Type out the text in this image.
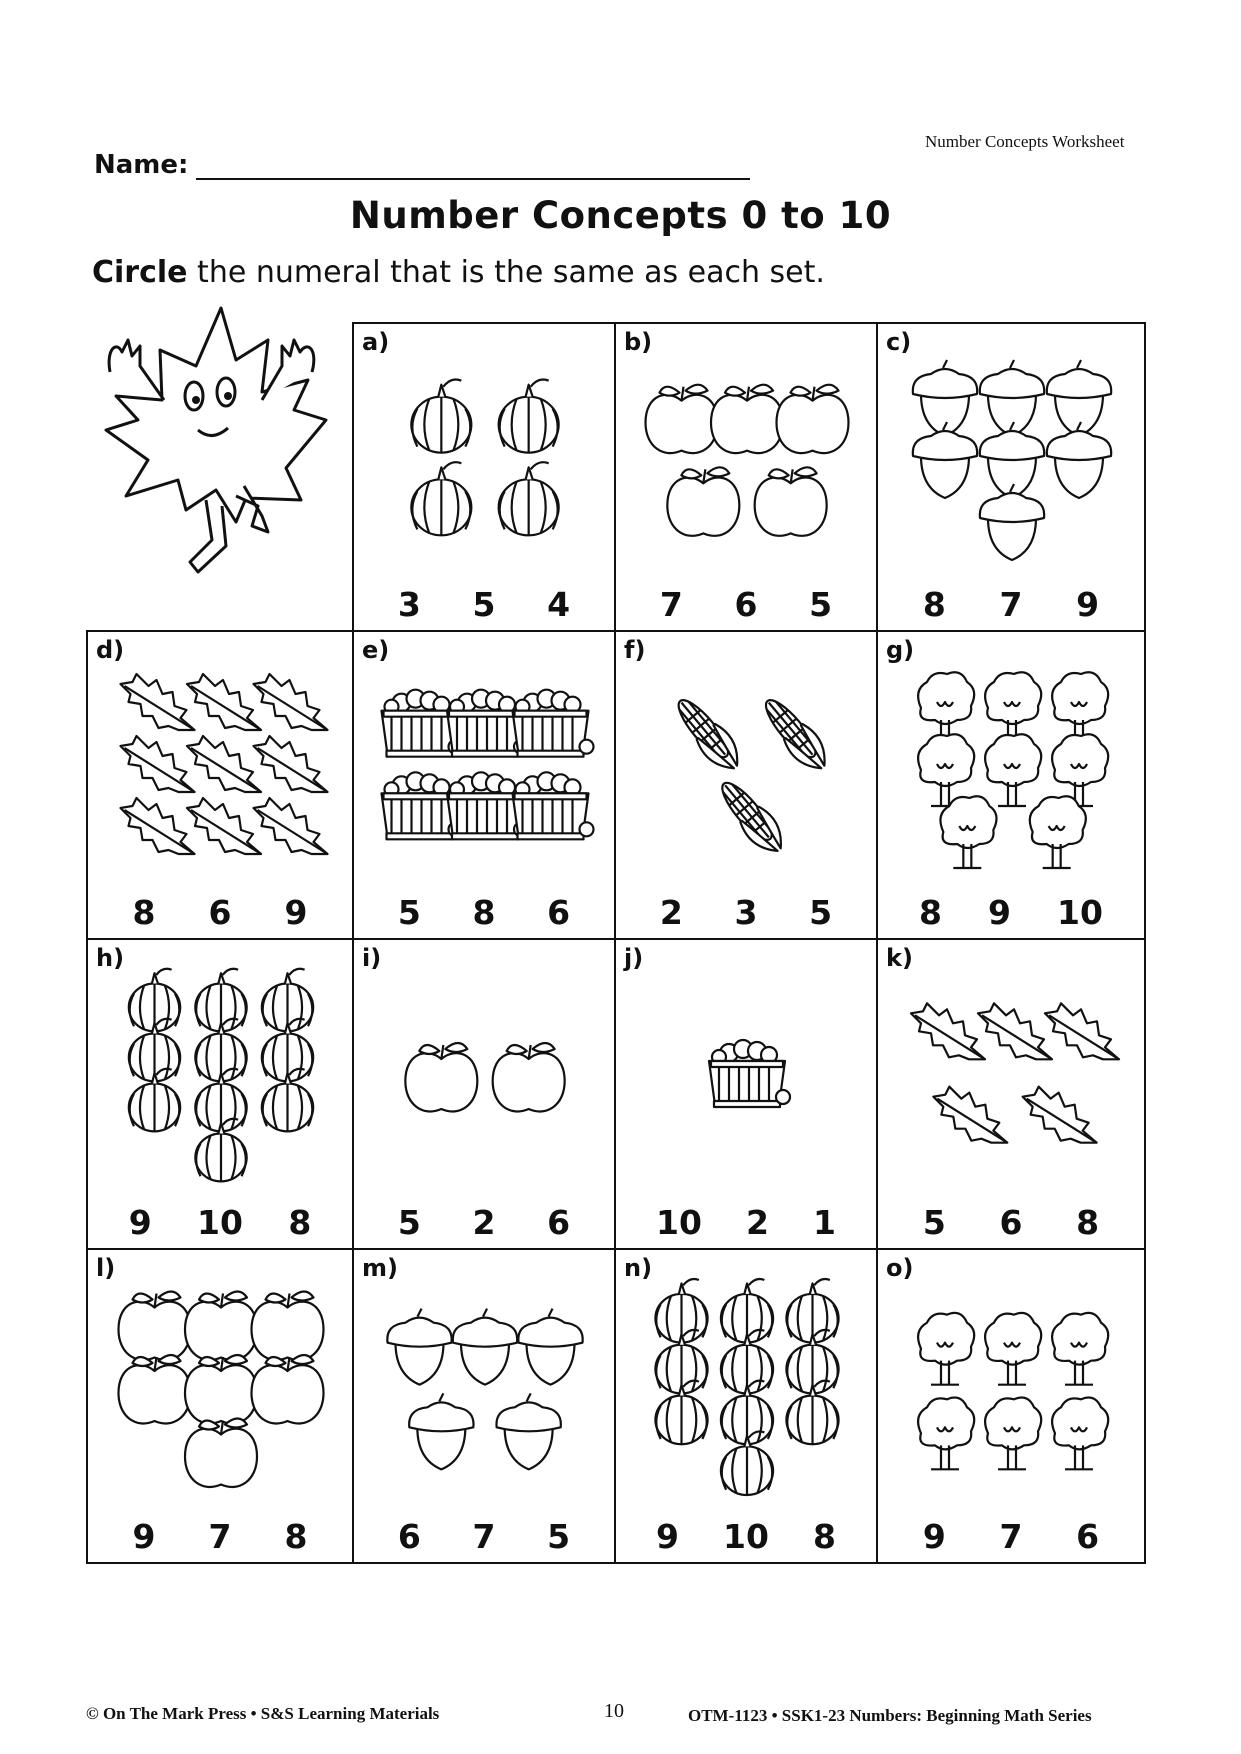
Number Concepts Worksheet
Name:
Number Concepts 0 to 10
Circle the numeral that is the same as each set.
a)
3 5 4
b)
7 6 5
c)
8 7 9
d)
8 6 9
e)
5 8 6
f)
2 3 5
g)
8 9 10
h)
9 10 8
i)
5 2 6
j)
10 2 1
k)
5 6 8
l)
9 7 8
m)
6 7 5
n)
9 10 8
o)
9 7 6
© On The Mark Press • S&S Learning Materials	10	OTM-1123 • SSK1-23 Numbers: Beginning Math Series
